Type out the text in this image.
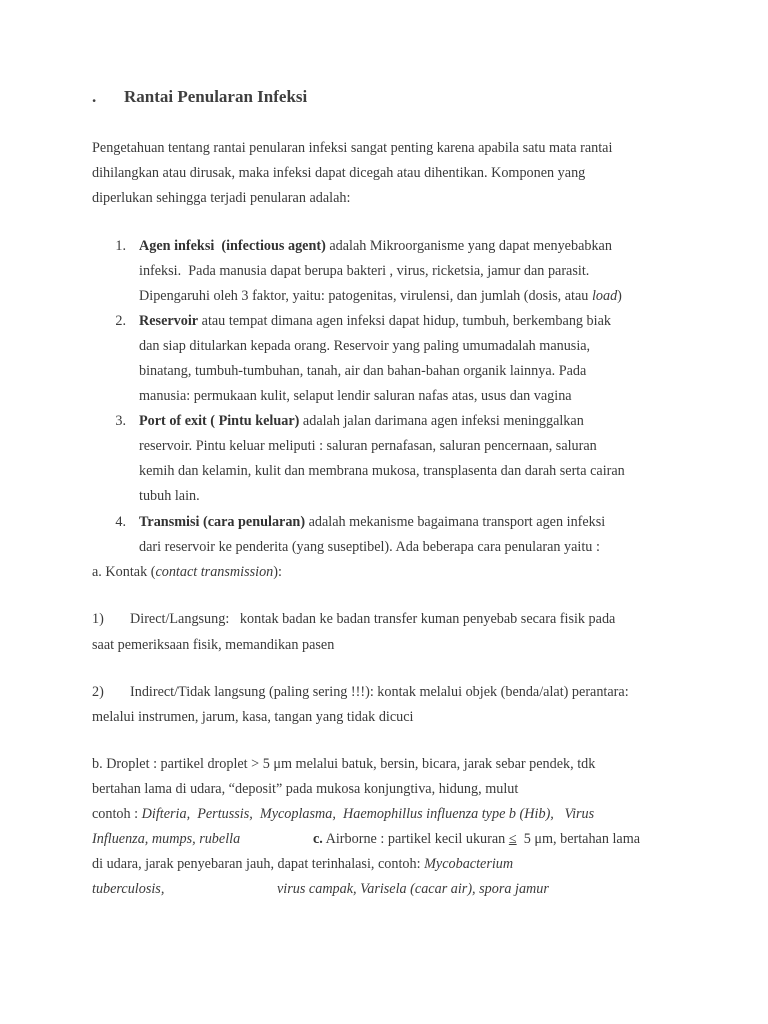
. Rantai Penularan Infeksi
Pengetahuan tentang rantai penularan infeksi sangat penting karena apabila satu mata rantai
dihilangkan atau dirusak, maka infeksi dapat dicegah atau dihentikan. Komponen yang
diperlukan sehingga terjadi penularan adalah:
1. Agen infeksi  (infectious agent) adalah Mikroorganisme yang dapat menyebabkan
infeksi.  Pada manusia dapat berupa bakteri , virus, ricketsia, jamur dan parasit.
Dipengaruhi oleh 3 faktor, yaitu: patogenitas, virulensi, dan jumlah (dosis, atau load)
2. Reservoir atau tempat dimana agen infeksi dapat hidup, tumbuh, berkembang biak
dan siap ditularkan kepada orang. Reservoir yang paling umumadalah manusia,
binatang, tumbuh-tumbuhan, tanah, air dan bahan-bahan organik lainnya. Pada
manusia: permukaan kulit, selaput lendir saluran nafas atas, usus dan vagina
3. Port of exit ( Pintu keluar) adalah jalan darimana agen infeksi meninggalkan
reservoir. Pintu keluar meliputi : saluran pernafasan, saluran pencernaan, saluran
kemih dan kelamin, kulit dan membrana mukosa, transplasenta dan darah serta cairan
tubuh lain.
4. Transmisi (cara penularan) adalah mekanisme bagaimana transport agen infeksi
dari reservoir ke penderita (yang suseptibel). Ada beberapa cara penularan yaitu :
a. Kontak (contact transmission):
1) Direct/Langsung:   kontak badan ke badan transfer kuman penyebab secara fisik pada
saat pemeriksaan fisik, memandikan pasen
2) Indirect/Tidak langsung (paling sering !!!): kontak melalui objek (benda/alat) perantara:
melalui instrumen, jarum, kasa, tangan yang tidak dicuci
b. Droplet : partikel droplet > 5 μm melalui batuk, bersin, bicara, jarak sebar pendek, tdk
bertahan lama di udara, “deposit” pada mukosa konjungtiva, hidung, mulut
contoh : Difteria,  Pertussis,  Mycoplasma,  Haemophillus influenza type b (Hib),   Virus
Influenza, mumps, rubella	c. Airborne : partikel kecil ukuran ≤  5 μm, bertahan lama
di udara, jarak penyebaran jauh, dapat terinhalasi, contoh: Mycobacterium
tuberculosis,	virus campak, Varisela (cacar air), spora jamur
